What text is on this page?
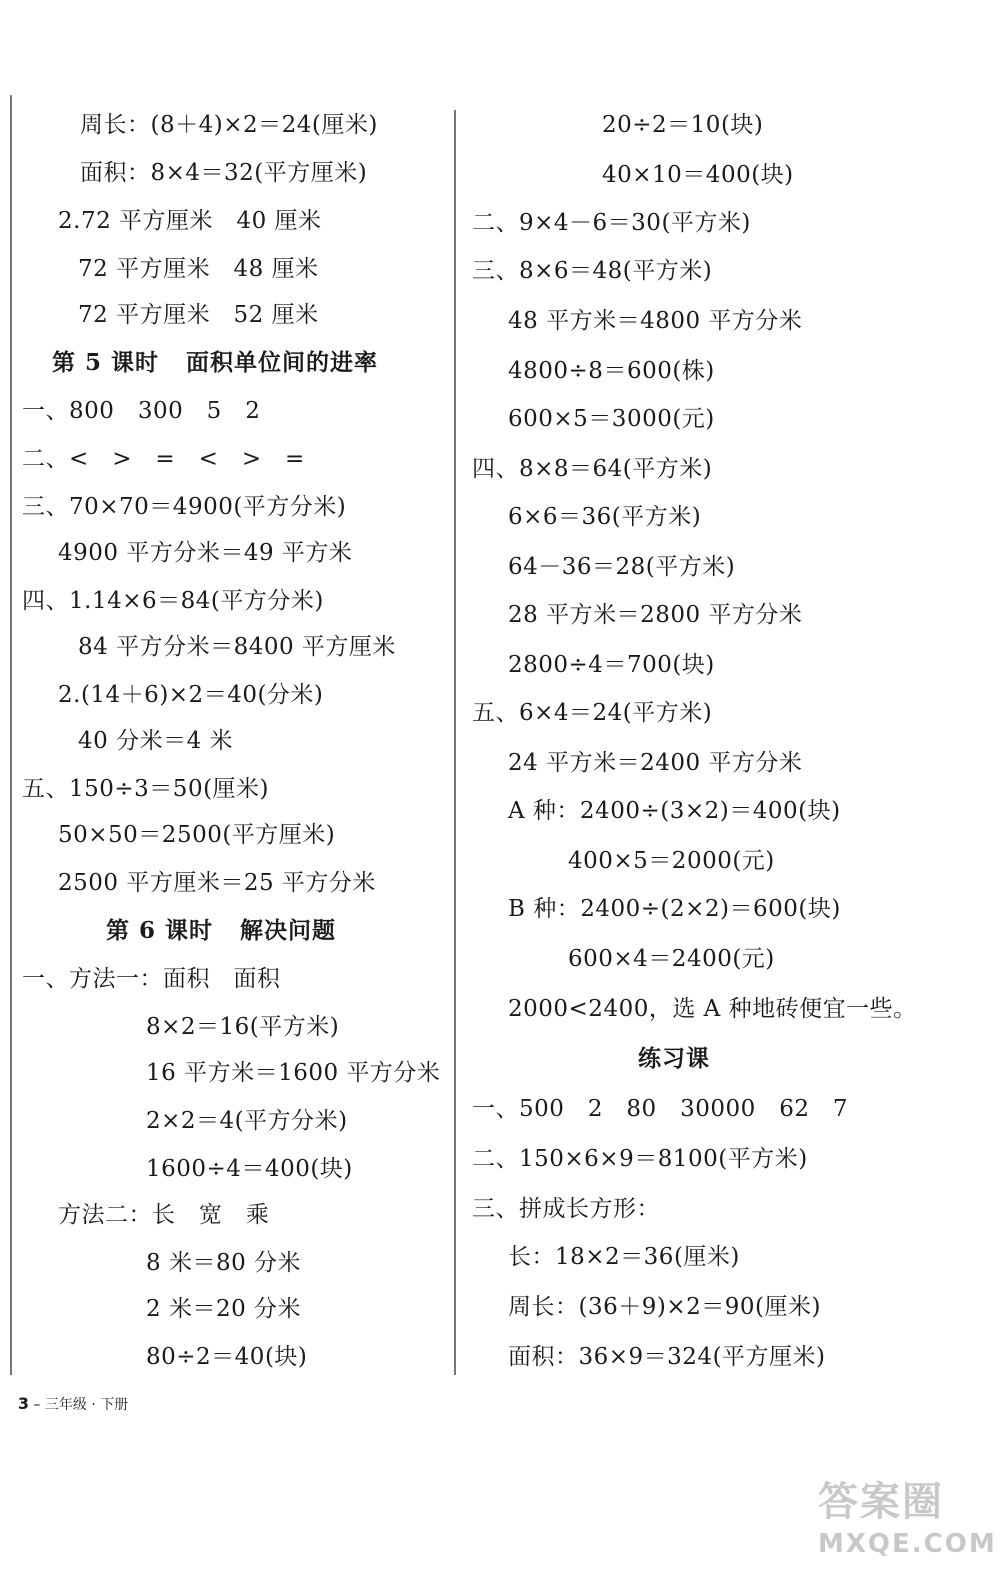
周长：(8＋4)×2＝24(厘米)
面积：8×4＝32(平方厘米)
2.72 平方厘米   40 厘米
72 平方厘米   48 厘米
72 平方厘米   52 厘米
第 5 课时   面积单位间的进率
一、800   300   5   2
二、<   >   =   <   >   =
三、70×70＝4900(平方分米)
4900 平方分米＝49 平方米
四、1.14×6＝84(平方分米)
84 平方分米＝8400 平方厘米
2.(14＋6)×2＝40(分米)
40 分米＝4 米
五、150÷3＝50(厘米)
50×50＝2500(平方厘米)
2500 平方厘米＝25 平方分米
第 6 课时   解决问题
一、方法一：面积   面积
8×2＝16(平方米)
16 平方米＝1600 平方分米
2×2＝4(平方分米)
1600÷4＝400(块)
方法二：长   宽   乘
8 米＝80 分米
2 米＝20 分米
80÷2＝40(块)
20÷2＝10(块)
40×10＝400(块)
二、9×4－6＝30(平方米)
三、8×6＝48(平方米)
48 平方米＝4800 平方分米
4800÷8＝600(株)
600×5＝3000(元)
四、8×8＝64(平方米)
6×6＝36(平方米)
64－36＝28(平方米)
28 平方米＝2800 平方分米
2800÷4＝700(块)
五、6×4＝24(平方米)
24 平方米＝2400 平方分米
A 种：2400÷(3×2)＝400(块)
400×5＝2000(元)
B 种：2400÷(2×2)＝600(块)
600×4＝2400(元)
2000<2400，选 A 种地砖便宜一些。
练习课
一、500   2   80   30000   62   7
二、150×6×9＝8100(平方米)
三、拼成长方形：
长：18×2＝36(厘米)
周长：(36＋9)×2＝90(厘米)
面积：36×9＝324(平方厘米)

3 – 三年级 · 下册

答案圈
MXQE.COM
